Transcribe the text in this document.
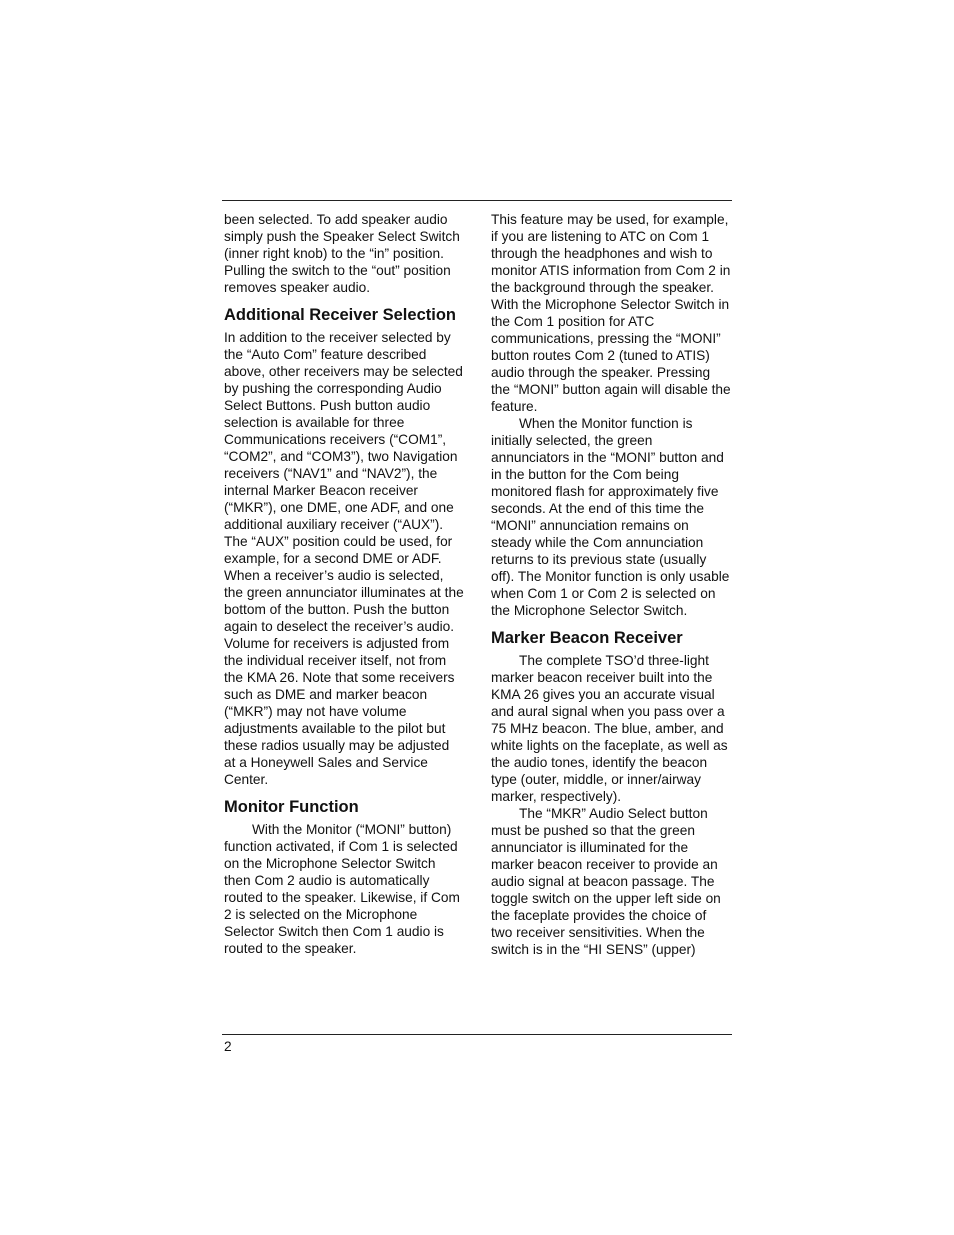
been selected. To add speaker audio simply push the Speaker Select Switch (inner right knob) to the “in” position. Pulling the switch to the “out” position removes speaker audio.

Additional Receiver Selection

In addition to the receiver selected by the “Auto Com” feature described above, other receivers may be selected by pushing the corresponding Audio Select Buttons. Push button audio selection is available for three Communications receivers (“COM1”, “COM2”, and “COM3”), two Navigation receivers (“NAV1” and “NAV2”), the internal Marker Beacon receiver (“MKR”), one DME, one ADF, and one additional auxiliary receiver (“AUX”). The “AUX” position could be used, for example, for a second DME or ADF. When a receiver’s audio is selected, the green annunciator illuminates at the bottom of the button. Push the button again to deselect the receiver’s audio. Volume for receivers is adjusted from the individual receiver itself, not from the KMA 26. Note that some receivers such as DME and marker beacon (“MKR”) may not have volume adjustments available to the pilot but these radios usually may be adjusted at a Honeywell Sales and Service Center.

Monitor Function

With the Monitor (“MONI” button) function activated, if Com 1 is selected on the Microphone Selector Switch then Com 2 audio is automatically routed to the speaker. Likewise, if Com 2 is selected on the Microphone Selector Switch then Com 1 audio is routed to the speaker.

This feature may be used, for example, if you are listening to ATC on Com 1 through the headphones and wish to monitor ATIS information from Com 2 in the background through the speaker. With the Microphone Selector Switch in the Com 1 position for ATC communications, pressing the “MONI” button routes Com 2 (tuned to ATIS) audio through the speaker. Pressing the “MONI” button again will disable the feature.

When the Monitor function is initially selected, the green annunciators in the “MONI” button and in the button for the Com being monitored flash for approximately five seconds. At the end of this time the “MONI” annunciation remains on steady while the Com annunciation returns to its previous state (usually off). The Monitor function is only usable when Com 1 or Com 2 is selected on the Microphone Selector Switch.

Marker Beacon Receiver

The complete TSO’d three-light marker beacon receiver built into the KMA 26 gives you an accurate visual and aural signal when you pass over a 75 MHz beacon. The blue, amber, and white lights on the faceplate, as well as the audio tones, identify the beacon type (outer, middle, or inner/airway marker, respectively).

The “MKR” Audio Select button must be pushed so that the green annunciator is illuminated for the marker beacon receiver to provide an audio signal at beacon passage. The toggle switch on the upper left side on the faceplate provides the choice of two receiver sensitivities. When the switch is in the “HI SENS” (upper)

2
